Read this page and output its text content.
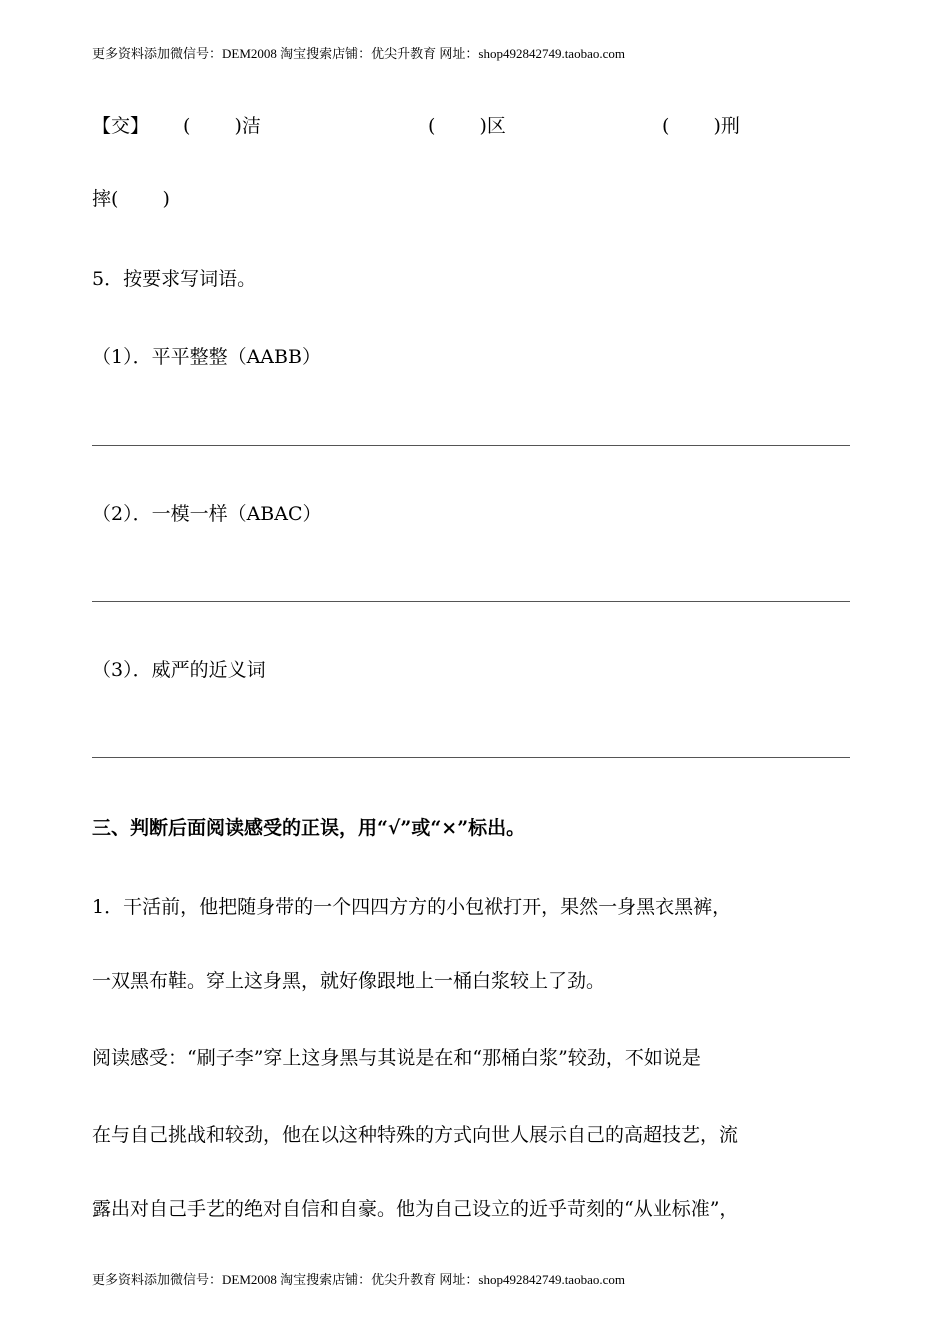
更多资料添加微信号：DEM2008 淘宝搜索店铺：优尖升教育 网址：shop492842749.taobao.com
【交】 (　　 )洁	(　　 )区	(　　 )刑
摔(　　 )
5．按要求写词语。
（1）．平平整整（AABB）
（2）．一模一样（ABAC）
（3）．威严的近义词
三、判断后面阅读感受的正误，用“√”或“×”标出。
1．干活前，他把随身带的一个四四方方的小包袱打开，果然一身黑衣黑裤，
一双黑布鞋。穿上这身黑，就好像跟地上一桶白浆较上了劲。
阅读感受：“刷子李”穿上这身黑与其说是在和“那桶白浆”较劲，不如说是
在与自己挑战和较劲，他在以这种特殊的方式向世人展示自己的高超技艺，流
露出对自己手艺的绝对自信和自豪。他为自己设立的近乎苛刻的“从业标准”，
更多资料添加微信号：DEM2008 淘宝搜索店铺：优尖升教育 网址：shop492842749.taobao.com
